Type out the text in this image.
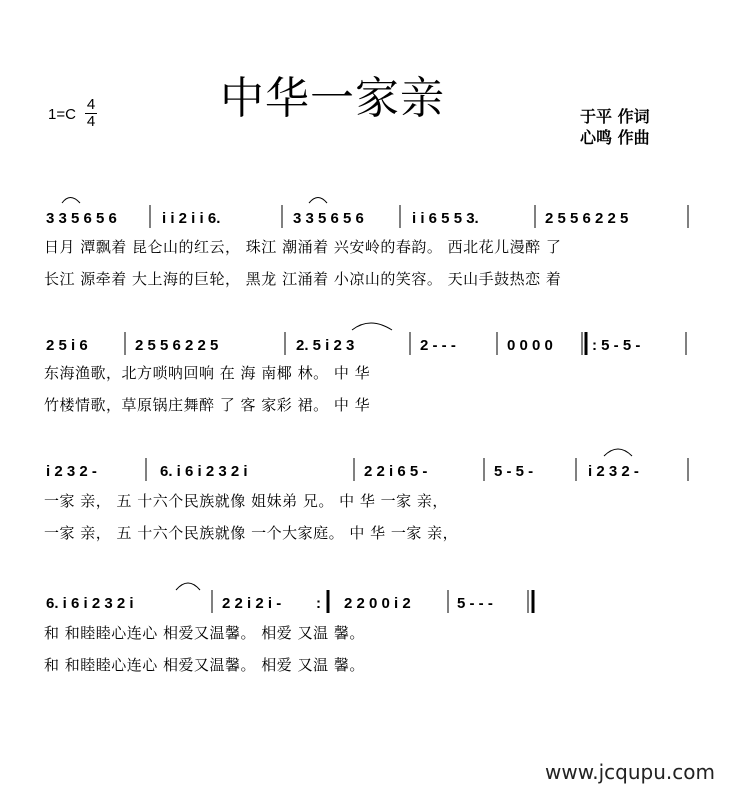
中华一家亲
1=C
4
4	于平 作词
心鸣 作曲
3 3 5 6 5 6	i i 2 i i 6.	3 3 5 6 5 6	i i 6 5 5 3.	2 5 5 6 2 2 5
2 5 i 6	2 5 5 6 2 2 5	2. 5 i 2 3	2 - - -	0 0 0 0	: 5 - 5 -
i 2 3 2 -	6. i 6 i 2 3 2 i	2 2 i 6 5 -	5 - 5 -	i 2 3 2 -
6. i 6 i 2 3 2 i	2 2 i 2 i - : 2 2 0 0 i 2	5 - - -
日月 潭飘着 昆仑山的红云， 珠江 潮涌着 兴安岭的春韵。 西北花儿漫醉 了
长江 源牵着 大上海的巨轮， 黑龙 江涌着 小凉山的笑容。 天山手鼓热恋 着
东海渔歌，北方唢呐回响 在 海 南椰 林。 中 华
竹楼情歌，草原锅庄舞醉 了 客 家彩 裙。 中 华
一家 亲， 五 十六个民族就像 姐妹弟 兄。 中 华 一家 亲，
一家 亲， 五 十六个民族就像 一个大家庭。 中 华 一家 亲，
和 和睦睦心连心 相爱又温馨。 相爱 又温 馨。
和 和睦睦心连心 相爱又温馨。 相爱 又温 馨。
www.jcqupu.com
